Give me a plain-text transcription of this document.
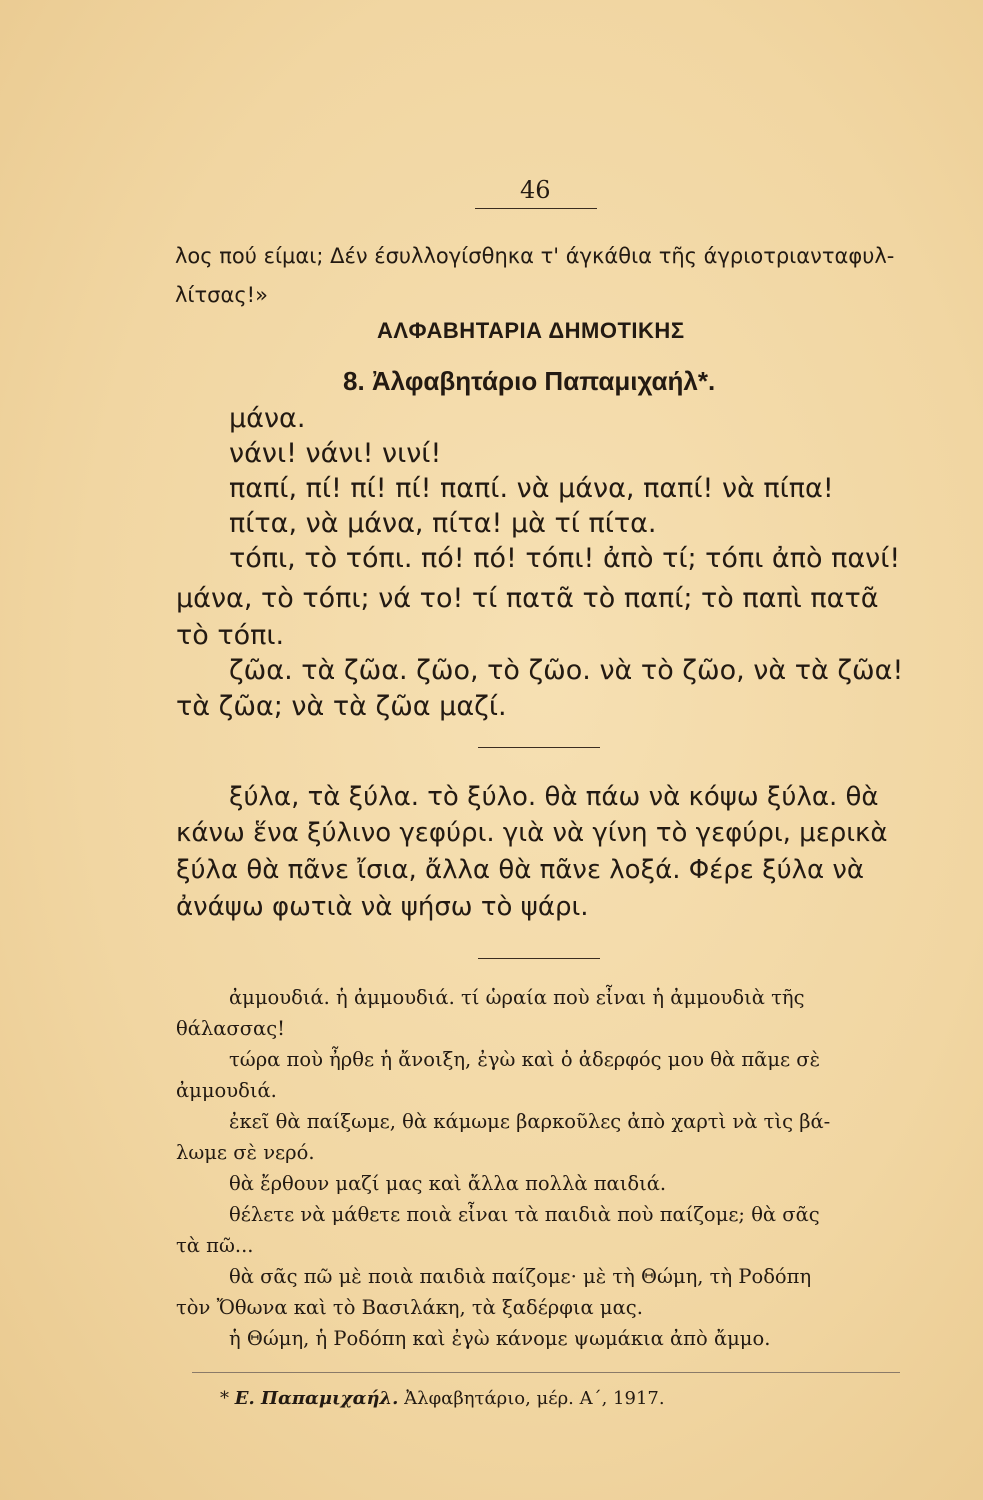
46
λος πού είμαι; Δέν έσυλλογίσθηκα τ' άγκάθια τῆς άγριοτριανταφυλ-
λίτσας!»
ΑΛΦΑΒΗΤΑΡΙΑ ΔΗΜΟΤΙΚΗΣ
8. Ἀλφαβητάριο Παπαμιχαήλ*.
μάνα.
νάνι! νάνι! νινί!
παπί, πί! πί! πί! παπί. νὰ μάνα, παπί! νὰ πίπα!
πίτα, νὰ μάνα, πίτα! μὰ τί πίτα.
τόπι, τὸ τόπι. πό! πό! τόπι! ἀπὸ τί; τόπι ἀπὸ πανί!
μάνα, τὸ τόπι; νά το! τί πατᾶ τὸ παπί; τὸ παπὶ πατᾶ
τὸ τόπι.
ζῶα. τὰ ζῶα. ζῶο, τὸ ζῶο. νὰ τὸ ζῶο, νὰ τὰ ζῶα!
τὰ ζῶα; νὰ τὰ ζῶα μαζί.
ξύλα, τὰ ξύλα. τὸ ξύλο. θὰ πάω νὰ κόψω ξύλα. θὰ
κάνω ἕνα ξύλινο γεφύρι. γιὰ νὰ γίνη τὸ γεφύρι, μερικὰ
ξύλα θὰ πᾶνε ἴσια, ἄλλα θὰ πᾶνε λοξά. Φέρε ξύλα νὰ
ἀνάψω φωτιὰ νὰ ψήσω τὸ ψάρι.
ἀμμουδιά. ἡ ἀμμουδιά. τί ὡραία ποὺ εἶναι ἡ ἀμμουδιὰ τῆς
θάλασσας!
τώρα ποὺ ἦρθε ἡ ἄνοιξη, ἐγὼ καὶ ὁ ἀδερφός μου θὰ πᾶμε σὲ
ἀμμουδιά.
ἐκεῖ θὰ παίξωμε, θὰ κάμωμε βαρκοῦλες ἀπὸ χαρτὶ νὰ τὶς βά-
λωμε σὲ νερό.
θὰ ἔρθουν μαζί μας καὶ ἄλλα πολλὰ παιδιά.
θέλετε νὰ μάθετε ποιὰ εἶναι τὰ παιδιὰ ποὺ παίζομε; θὰ σᾶς
τὰ πῶ...
θὰ σᾶς πῶ μὲ ποιὰ παιδιὰ παίζομε· μὲ τὴ Θώμη, τὴ Ροδόπη
τὸν Ὄθωνα καὶ τὸ Βασιλάκη, τὰ ξαδέρφια μας.
ἡ Θώμη, ἡ Ροδόπη καὶ ἐγὼ κάνομε ψωμάκια ἀπὸ ἄμμο.
* Ε. Παπαμιχαήλ. Ἀλφαβητάριο, μέρ. Α΄, 1917.
